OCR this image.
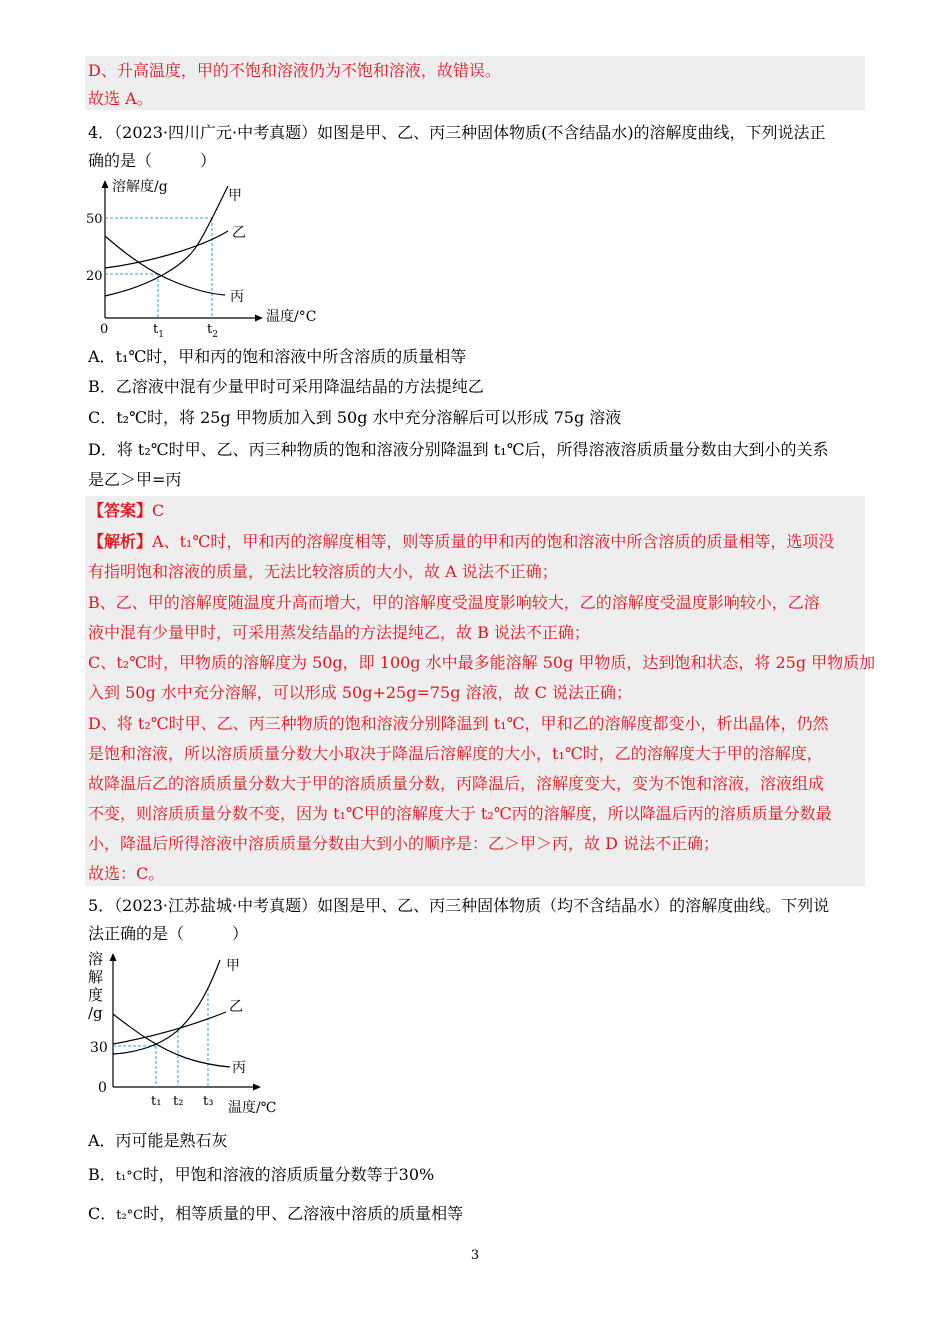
D、升高温度，甲的不饱和溶液仍为不饱和溶液，故错误。
故选 A。
4．（2023·四川广元·中考真题）如图是甲、乙、丙三种固体物质(不含结晶水)的溶解度曲线，下列说法正
确的是（　　　）
溶解度/g
50
20
0	$t_1$	$t_2$
温度/°C
甲
乙
丙
A．t₁℃时，甲和丙的饱和溶液中所含溶质的质量相等
B．乙溶液中混有少量甲时可采用降温结晶的方法提纯乙
C．t₂℃时，将 25g 甲物质加入到 50g 水中充分溶解后可以形成 75g 溶液
D．将 t₂℃时甲、乙、丙三种物质的饱和溶液分别降温到 t₁℃后，所得溶液溶质质量分数由大到小的关系
是乙＞甲=丙
【答案】C
【解析】A、t₁℃时，甲和丙的溶解度相等，则等质量的甲和丙的饱和溶液中所含溶质的质量相等，选项没
有指明饱和溶液的质量，无法比较溶质的大小，故 A 说法不正确；
B、乙、甲的溶解度随温度升高而增大，甲的溶解度受温度影响较大，乙的溶解度受温度影响较小，乙溶
液中混有少量甲时，可采用蒸发结晶的方法提纯乙，故 B 说法不正确；
C、t₂℃时，甲物质的溶解度为 50g，即 100g 水中最多能溶解 50g 甲物质，达到饱和状态，将 25g 甲物质加
入到 50g 水中充分溶解，可以形成 50g+25g=75g 溶液，故 C 说法正确；
D、将 t₂℃时甲、乙、丙三种物质的饱和溶液分别降温到 t₁℃，甲和乙的溶解度都变小，析出晶体，仍然
是饱和溶液，所以溶质质量分数大小取决于降温后溶解度的大小，t₁℃时，乙的溶解度大于甲的溶解度，
故降温后乙的溶质质量分数大于甲的溶质质量分数，丙降温后，溶解度变大，变为不饱和溶液，溶液组成
不变，则溶质质量分数不变，因为 t₁℃甲的溶解度大于 t₂℃丙的溶解度，所以降温后丙的溶质质量分数最
小，降温后所得溶液中溶质质量分数由大到小的顺序是：乙＞甲＞丙，故 D 说法不正确；
故选：C。
5．（2023·江苏盐城·中考真题）如图是甲、乙、丙三种固体物质（均不含结晶水）的溶解度曲线。下列说
法正确的是（　　　）
溶
解
度
/g
30
0
t₁ t₂ t₃ 温度/℃
甲
乙
丙
A．丙可能是熟石灰
B．t₁°C时，甲饱和溶液的溶质质量分数等于30%
C．t₂°C时，相等质量的甲、乙溶液中溶质的质量相等
3
